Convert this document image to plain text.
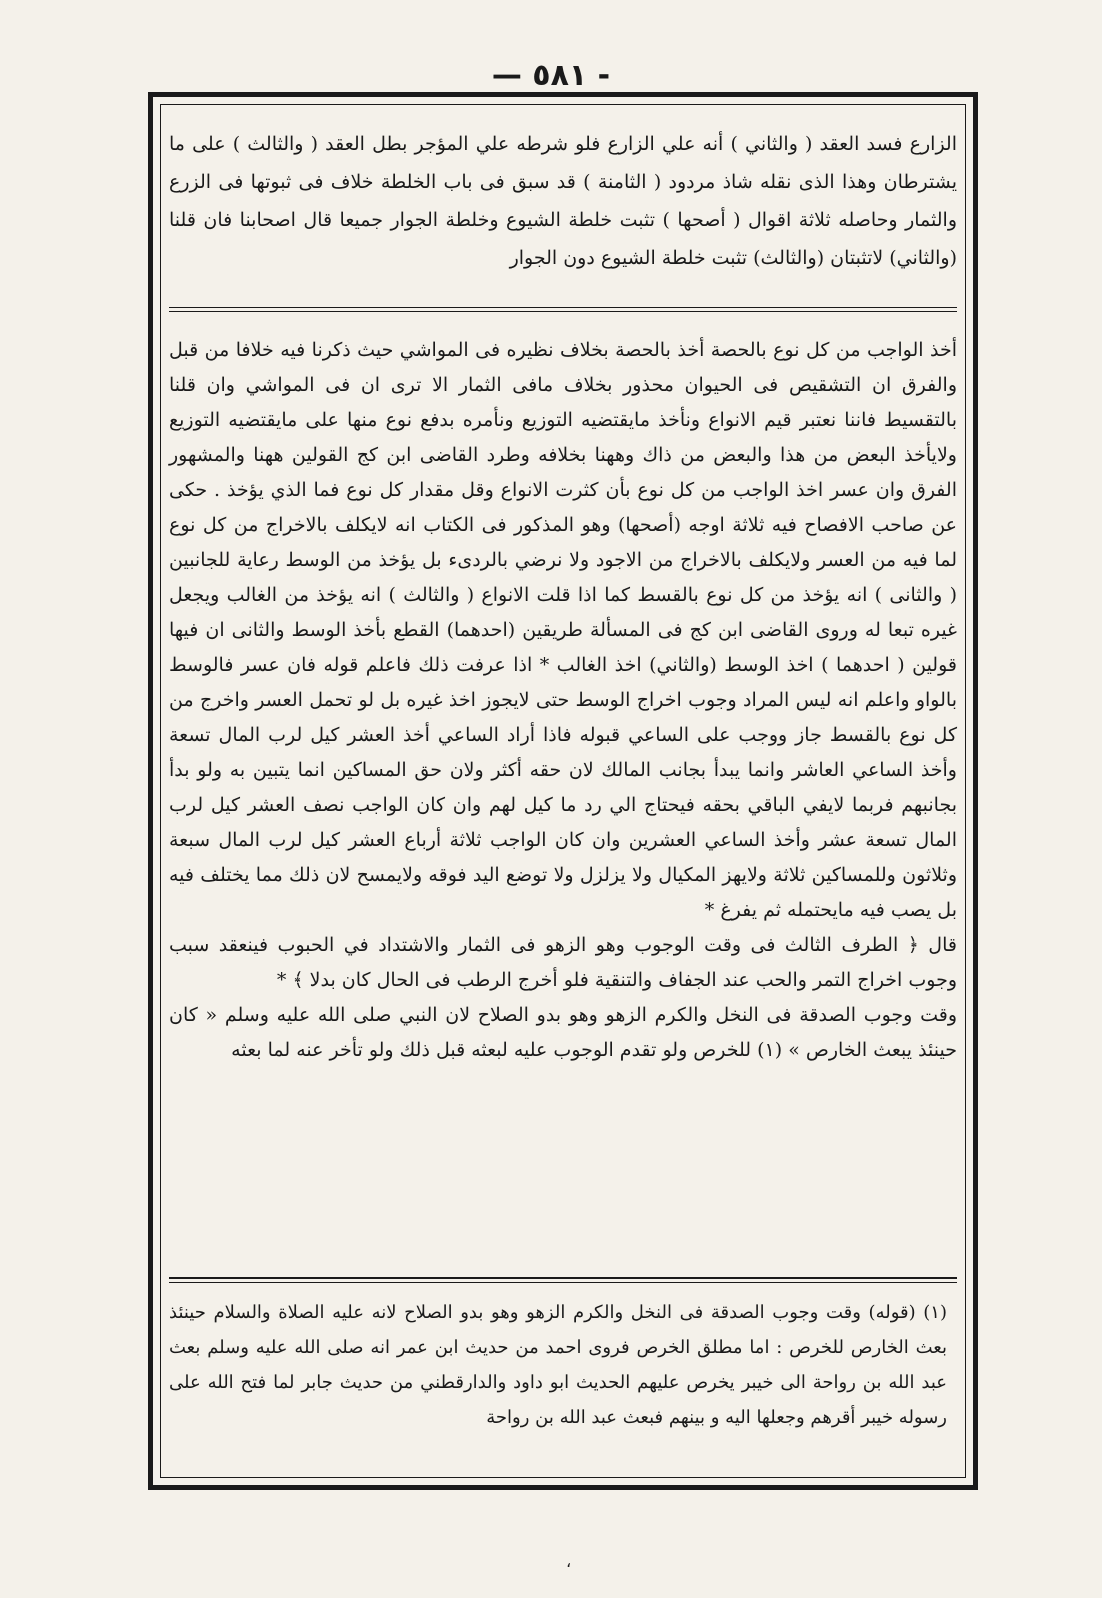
— ٥٨١ -

الزارع فسد العقد ( والثاني ) أنه علي الزارع فلو شرطه علي المؤجر بطل العقد ( والثالث ) على ما يشترطان وهذا الذى نقله شاذ مردود ( الثامنة ) قد سبق فى باب الخلطة خلاف فى ثبوتها فى الزرع والثمار وحاصله ثلاثة اقوال ( أصحها ) تثبت خلطة الشيوع وخلطة الجوار جميعا قال اصحابنا فان قلنا (والثاني) لاتثبتان (والثالث) تثبت خلطة الشيوع دون الجوار

أخذ الواجب من كل نوع بالحصة أخذ بالحصة بخلاف نظيره فى المواشي حيث ذكرنا فيه خلافا من قبل والفرق ان التشقيص فى الحيوان محذور بخلاف مافى الثمار الا ترى ان فى المواشي وان قلنا بالتقسيط فاننا نعتبر قيم الانواع ونأخذ مايقتضيه التوزيع ونأمره بدفع نوع منها على مايقتضيه التوزيع ولايأخذ البعض من هذا والبعض من ذاك وههنا بخلافه وطرد القاضى ابن كج القولين ههنا والمشهور الفرق وان عسر اخذ الواجب من كل نوع بأن كثرت الانواع وقل مقدار كل نوع فما الذي يؤخذ . حكى عن صاحب الافصاح فيه ثلاثة اوجه (أصحها) وهو المذكور فى الكتاب انه لايكلف بالاخراج من كل نوع لما فيه من العسر ولايكلف بالاخراج من الاجود ولا نرضي بالردىء بل يؤخذ من الوسط رعاية للجانبين ( والثانى ) انه يؤخذ من كل نوع بالقسط كما اذا قلت الانواع ( والثالث ) انه يؤخذ من الغالب ويجعل غيره تبعا له وروى القاضى ابن كج فى المسألة طريقين (احدهما) القطع بأخذ الوسط والثانى ان فيها قولين ( احدهما ) اخذ الوسط (والثاني) اخذ الغالب * اذا عرفت ذلك فاعلم قوله فان عسر فالوسط بالواو واعلم انه ليس المراد وجوب اخراج الوسط حتى لايجوز اخذ غيره بل لو تحمل العسر واخرج من كل نوع بالقسط جاز ووجب على الساعي قبوله فاذا أراد الساعي أخذ العشر كيل لرب المال تسعة وأخذ الساعي العاشر وانما يبدأ بجانب المالك لان حقه أكثر ولان حق المساكين انما يتبين به ولو بدأ بجانبهم فربما لايفي الباقي بحقه فيحتاج الي رد ما كيل لهم وان كان الواجب نصف العشر كيل لرب المال تسعة عشر وأخذ الساعي العشرين وان كان الواجب ثلاثة أرباع العشر كيل لرب المال سبعة وثلاثون وللمساكين ثلاثة ولايهز المكيال ولا يزلزل ولا توضع اليد فوقه ولايمسح لان ذلك مما يختلف فيه بل يصب فيه مايحتمله ثم يفرغ *

قال ﴿ الطرف الثالث فى وقت الوجوب وهو الزهو فى الثمار والاشتداد في الحبوب فينعقد سبب وجوب اخراج التمر والحب عند الجفاف والتنقية فلو أخرج الرطب فى الحال كان بدلا ﴾ *

وقت وجوب الصدقة فى النخل والكرم الزهو وهو بدو الصلاح لان النبي صلى الله عليه وسلم « كان حينئذ يبعث الخارص » (١) للخرص ولو تقدم الوجوب عليه لبعثه قبل ذلك ولو تأخر عنه لما بعثه

(١) (قوله) وقت وجوب الصدقة فى النخل والكرم الزهو وهو بدو الصلاح لانه عليه الصلاة والسلام حينئذ بعث الخارص للخرص : اما مطلق الخرص فروى احمد من حديث ابن عمر انه صلى الله عليه وسلم بعث عبد الله بن رواحة الى خيبر يخرص عليهم الحديث ابو داود والدارقطني من حديث جابر لما فتح الله على رسوله خيبر أقرهم وجعلها اليه و بينهم فبعث عبد الله بن رواحة

،
